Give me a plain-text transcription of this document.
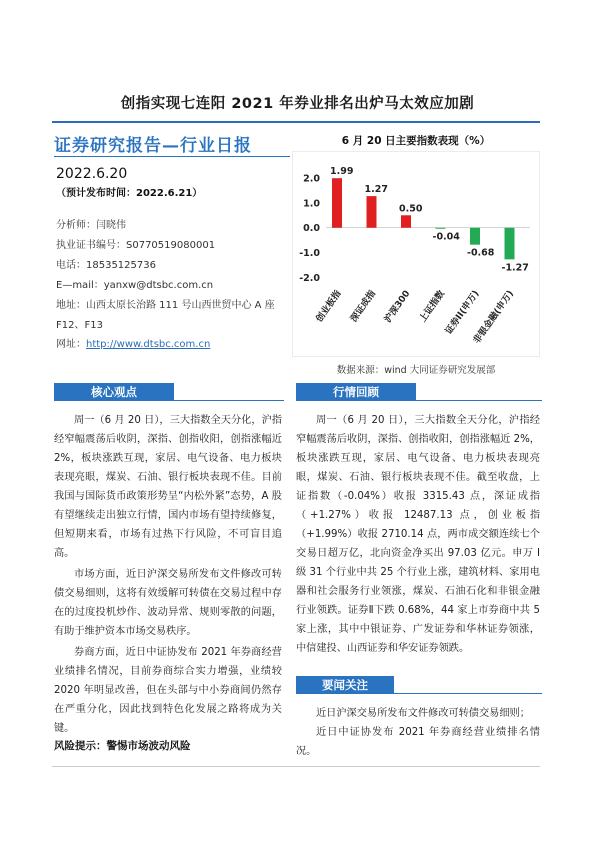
创指实现七连阳 2021 年券业排名出炉马太效应加剧
证券研究报告—行业日报
2022.6.20
（预计发布时间：2022.6.21）
分析师：闫晓伟
执业证书编号：S0770519080001
电话：18535125736
E—mail：yanxw@dtsbc.com.cn
地址：山西太原长治路 111 号山西世贸中心 A 座
F12、F13
网址：http://www.dtsbc.com.cn
6 月 20 日主要指数表现（%）
2.0
1.0
0.0
-1.0
-2.0
1.99
1.27
0.50
-0.04
-0.68
-1.27
创业板指 深证成指 沪深300 上证指数
证券II(申万)
非银金融(申万)
数据来源：wind 大同证券研究发展部
核心观点

周一（6 月 20 日），三大指数全天分化，沪指经窄幅震荡后收阴，深指、创指收阳，创指涨幅近 2%，板块涨跌互现，家居、电气设备、电力板块表现亮眼，煤炭、石油、银行板块表现不佳。目前我国与国际货币政策形势呈“内松外紧”态势，A 股有望继续走出独立行情，国内市场有望持续修复，但短期来看，市场有过热下行风险，不可盲目追高。

市场方面，近日沪深交易所发布文件修改可转债交易细则，这将有效缓解可转债在交易过程中存在的过度投机炒作、波动异常、规则零散的问题，有助于维护资本市场交易秩序。

券商方面，近日中证协发布 2021 年券商经营业绩排名情况，目前券商综合实力增强，业绩较 2020 年明显改善，但在头部与中小券商间仍然存在严重分化，因此找到特色化发展之路将成为关键。

风险提示：警惕市场波动风险
行情回顾

周一（6 月 20 日），三大指数全天分化，沪指经窄幅震荡后收阴，深指、创指收阳，创指涨幅近 2%，板块涨跌互现，家居、电气设备、电力板块表现亮眼，煤炭、石油、银行板块表现不佳。截至收盘，上证指数（-0.04%）收报 3315.43 点，深证成指（+1.27%）收报 12487.13 点，创业板指（+1.99%）收报 2710.14 点，两市成交额连续七个交易日超万亿，北向资金净买出 97.03 亿元。申万 I 级 31 个行业中共 25 个行业上涨，建筑材料、家用电器和社会服务行业领涨，煤炭、石油石化和非银金融行业领跌。证券Ⅱ下跌 0.68%，44 家上市券商中共 5 家上涨，其中中银证券、广发证券和华林证券领涨，中信建投、山西证券和华安证券领跌。

要闻关注

近日沪深交易所发布文件修改可转债交易细则；

近日中证协发布 2021 年券商经营业绩排名情况。
